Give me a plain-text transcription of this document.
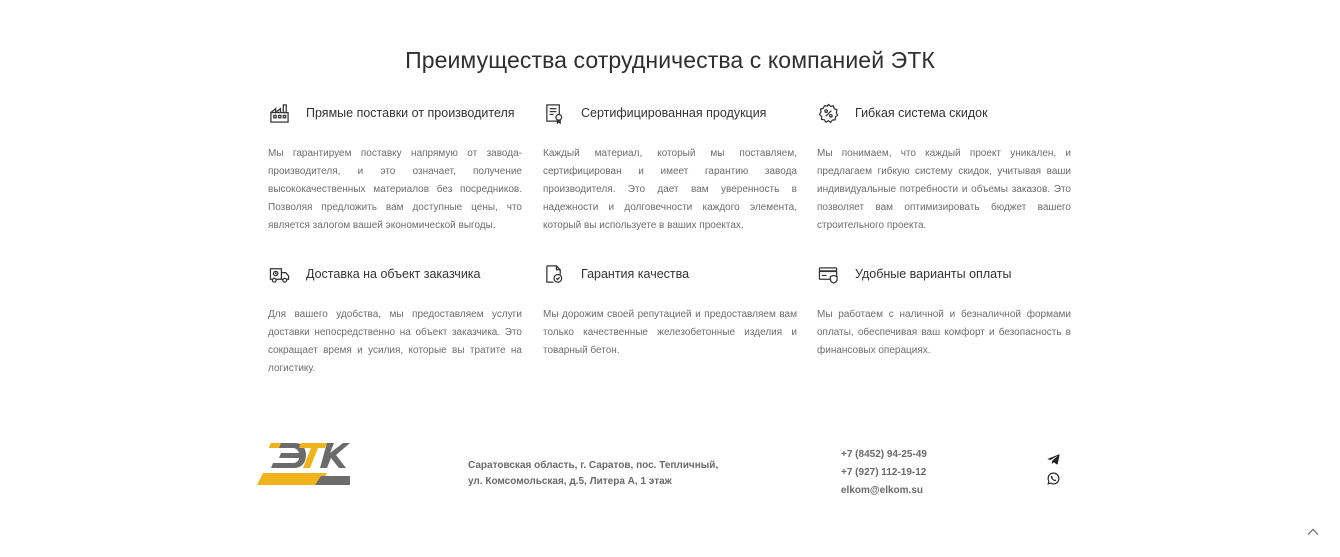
Преимущества сотрудничества с компанией ЭТК
Прямые поставки от производителя

Мы гарантируем поставку напрямую от завода-производителя, и это означает, получение высококачественных материалов без посредников. Позволяя предложить вам доступные цены, что является залогом вашей экономической выгоды.

Сертифицированная продукция

Каждый материал, который мы поставляем, сертифицирован и имеет гарантию завода производителя. Это дает вам уверенность в надежности и долговечности каждого элемента, который вы используете в ваших проектах.

Гибкая система скидок

Мы понимаем, что каждый проект уникален, и предлагаем гибкую систему скидок, учитывая ваши индивидуальные потребности и объемы заказов. Это позволяет вам оптимизировать бюджет вашего строительного проекта.

Доставка на объект заказчика

Для вашего удобства, мы предоставляем услуги доставки непосредственно на объект заказчика. Это сокращает время и усилия, которые вы тратите на логистику.

Гарантия качества

Мы дорожим своей репутацией и предоставляем вам только качественные железобетонные изделия и товарный бетон.

Удобные варианты оплаты

Мы работаем с наличной и безналичной формами оплаты, обеспечивая ваш комфорт и безопасность в финансовых операциях.

Саратовская область, г. Саратов, пос. Тепличный,
ул. Комсомольская, д.5, Литера А, 1 этаж
+7 (8452) 94-25-49
+7 (927) 112-19-12
elkom@elkom.su
